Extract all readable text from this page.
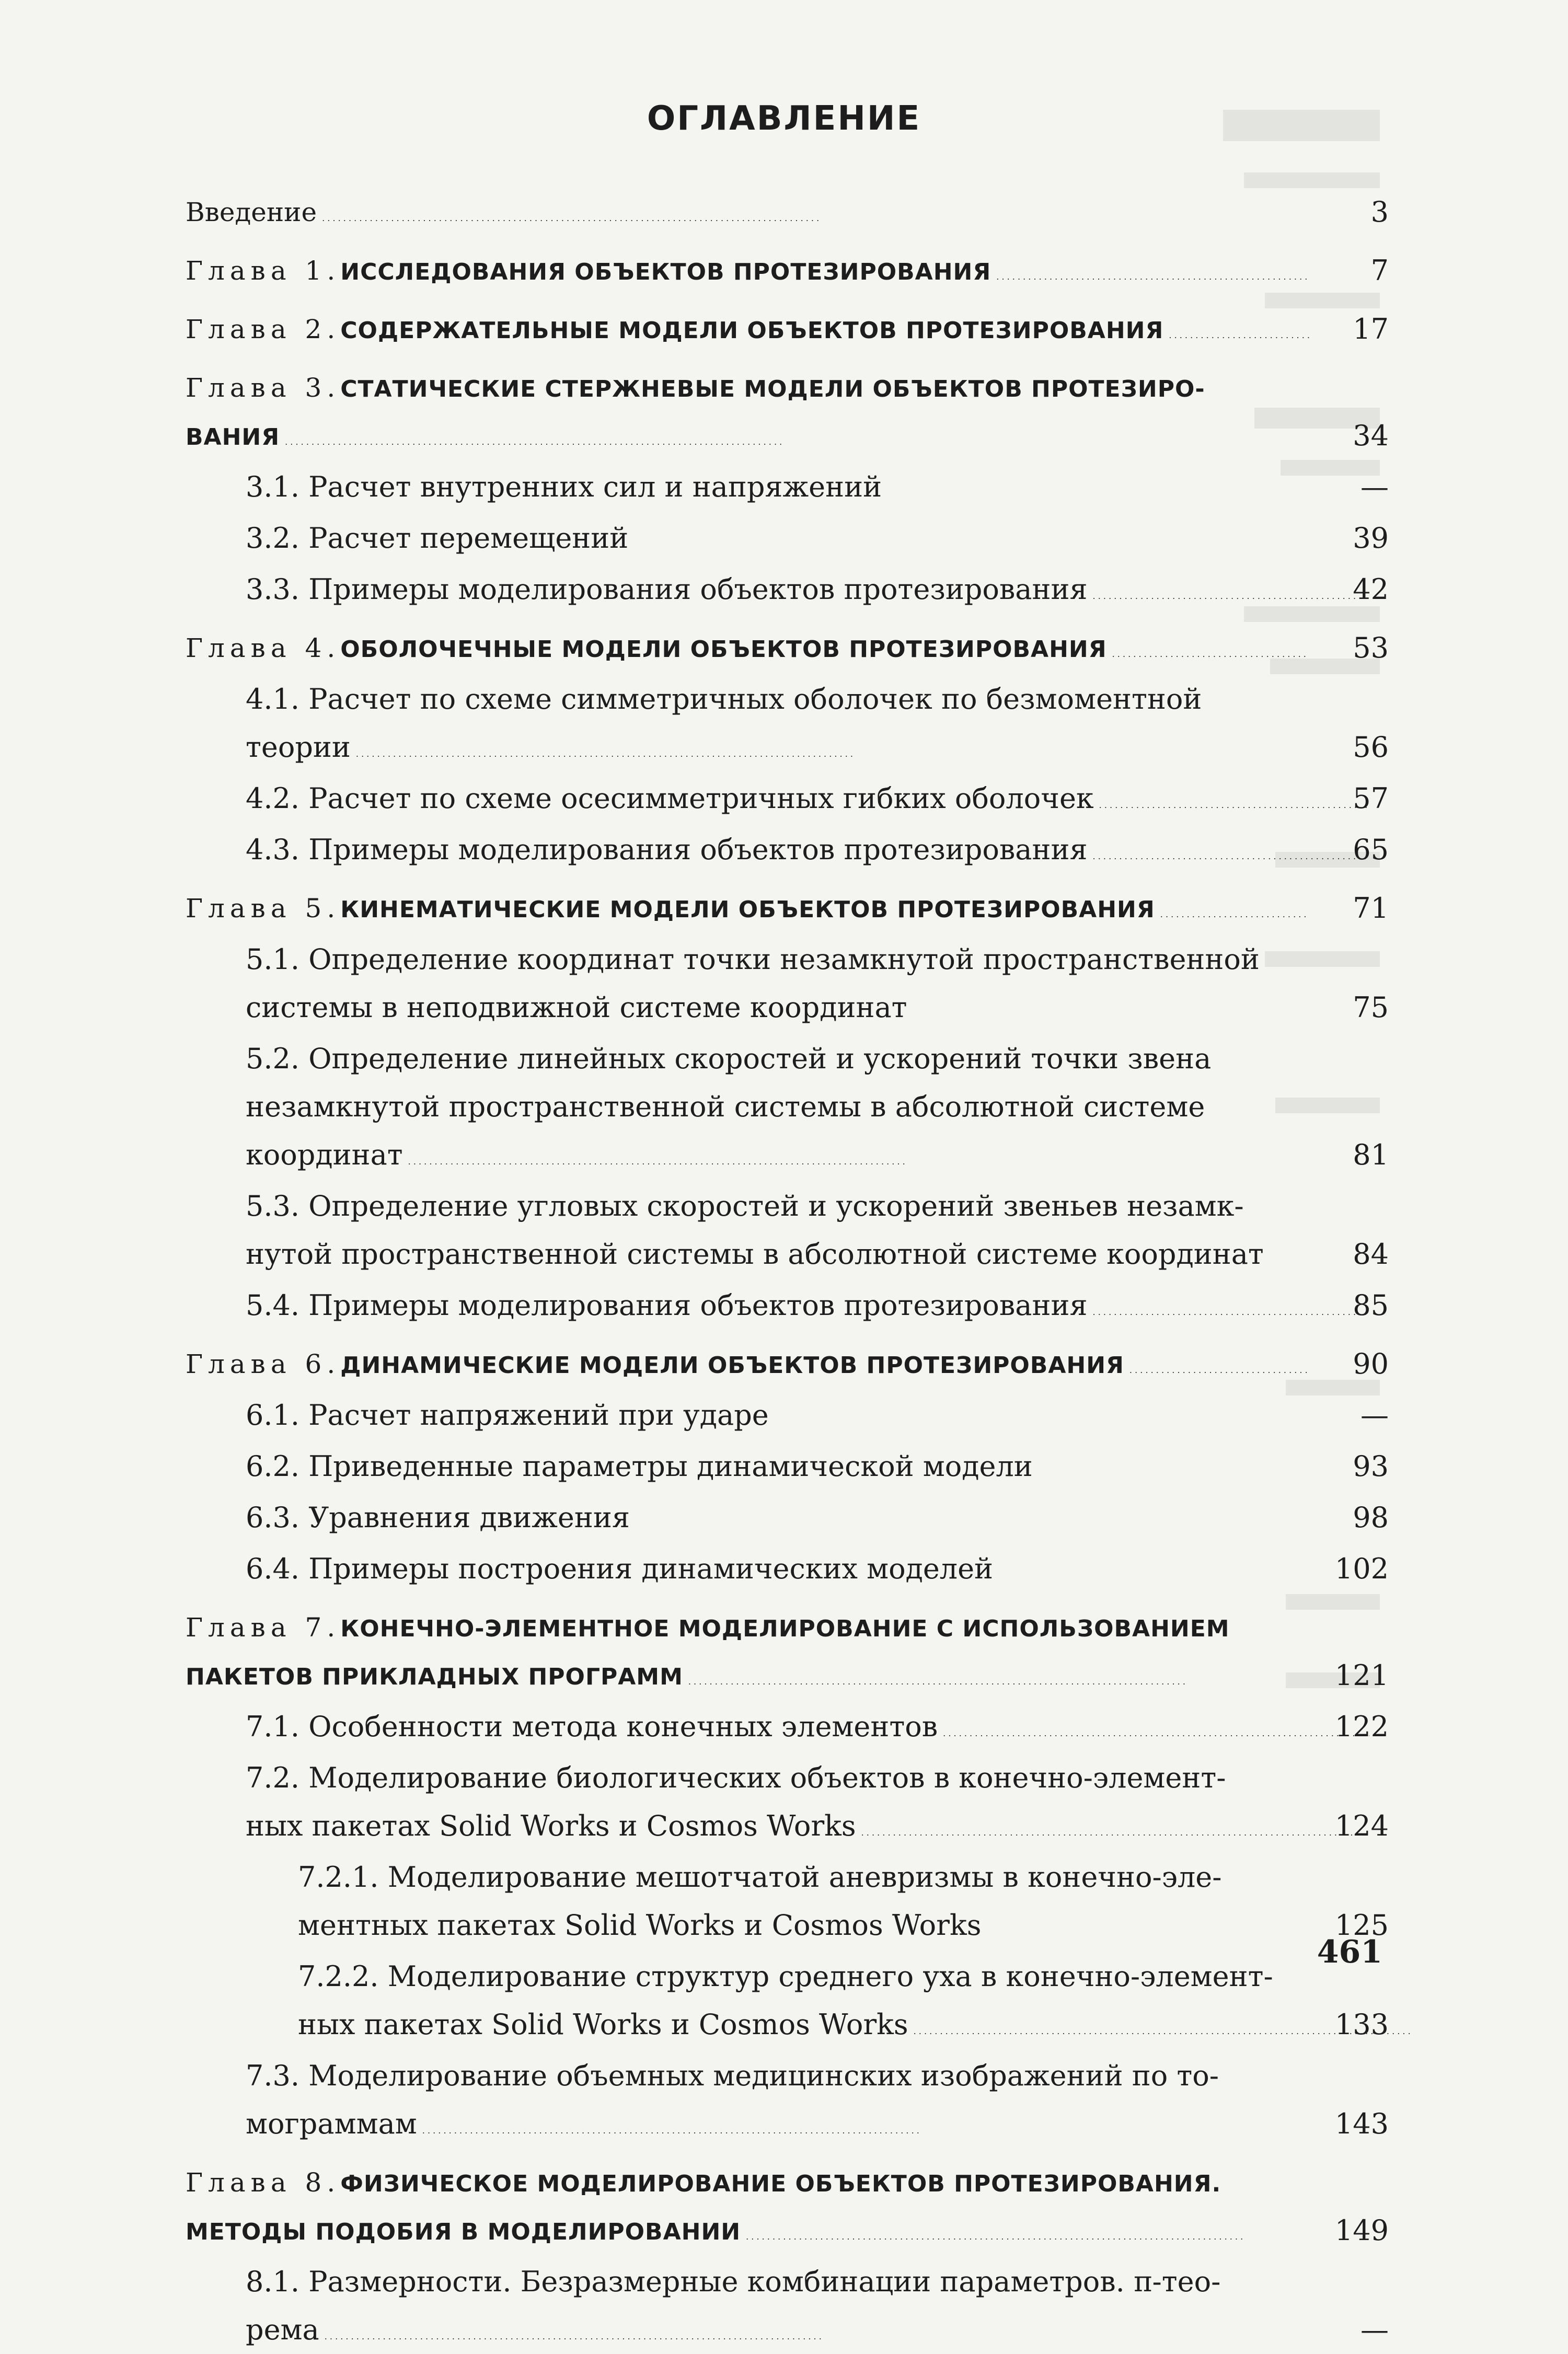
ОГЛАВЛЕНИЕ
Введение . . .	3
Глава 1.ИССЛЕДОВАНИЯ ОБЪЕКТОВ ПРОТЕЗИРОВАНИЯ . . .	7
Глава 2.СОДЕРЖАТЕЛЬНЫЕ МОДЕЛИ ОБЪЕКТОВ ПРОТЕЗИРОВАНИЯ . . .	17
Глава 3.СТАТИЧЕСКИЕ СТЕРЖНЕВЫЕ МОДЕЛИ ОБЪЕКТОВ ПРОТЕЗИРО-
ВАНИЯ . . .	34
3.1. Расчет внутренних сил и напряжений	—
3.2. Расчет перемещений	39
3.3. Примеры моделирования объектов протезирования . . .	42
Глава 4.ОБОЛОЧЕЧНЫЕ МОДЕЛИ ОБЪЕКТОВ ПРОТЕЗИРОВАНИЯ . . .	53
4.1. Расчет по схеме симметричных оболочек по безмоментной
теории . . .	56
4.2. Расчет по схеме осесимметричных гибких оболочек . . .	57
4.3. Примеры моделирования объектов протезирования . . .	65
Глава 5.КИНЕМАТИЧЕСКИЕ МОДЕЛИ ОБЪЕКТОВ ПРОТЕЗИРОВАНИЯ . . .	71
5.1. Определение координат точки незамкнутой пространственной
системы в неподвижной системе координат	75
5.2. Определение линейных скоростей и ускорений точки звена
незамкнутой пространственной системы в абсолютной системе
координат . . .	81
5.3. Определение угловых скоростей и ускорений звеньев незамк-
нутой пространственной системы в абсолютной системе координат	84
5.4. Примеры моделирования объектов протезирования . . .	85
Глава 6.ДИНАМИЧЕСКИЕ МОДЕЛИ ОБЪЕКТОВ ПРОТЕЗИРОВАНИЯ . . .	90
6.1. Расчет напряжений при ударе	—
6.2. Приведенные параметры динамической модели	93
6.3. Уравнения движения	98
6.4. Примеры построения динамических моделей	102
Глава 7.КОНЕЧНО-ЭЛЕМЕНТНОЕ МОДЕЛИРОВАНИЕ С ИСПОЛЬЗОВАНИЕМ
ПАКЕТОВ ПРИКЛАДНЫХ ПРОГРАММ . . .	121
7.1. Особенности метода конечных элементов . . .	122
7.2. Моделирование биологических объектов в конечно-элемент-
ных пакетах Solid Works и Cosmos Works . . .	124
7.2.1. Моделирование мешотчатой аневризмы в конечно-эле-
ментных пакетах Solid Works и Cosmos Works	125
7.2.2. Моделирование структур среднего уха в конечно-элемент-
ных пакетах Solid Works и Cosmos Works . . .	133
7.3. Моделирование объемных медицинских изображений по то-
мограммам . . .	143
Глава 8.ФИЗИЧЕСКОЕ МОДЕЛИРОВАНИЕ ОБЪЕКТОВ ПРОТЕЗИРОВАНИЯ.
МЕТОДЫ ПОДОБИЯ В МОДЕЛИРОВАНИИ . . .	149
8.1. Размерности. Безразмерные комбинации параметров. π-тео-
рема . . .	—
461
